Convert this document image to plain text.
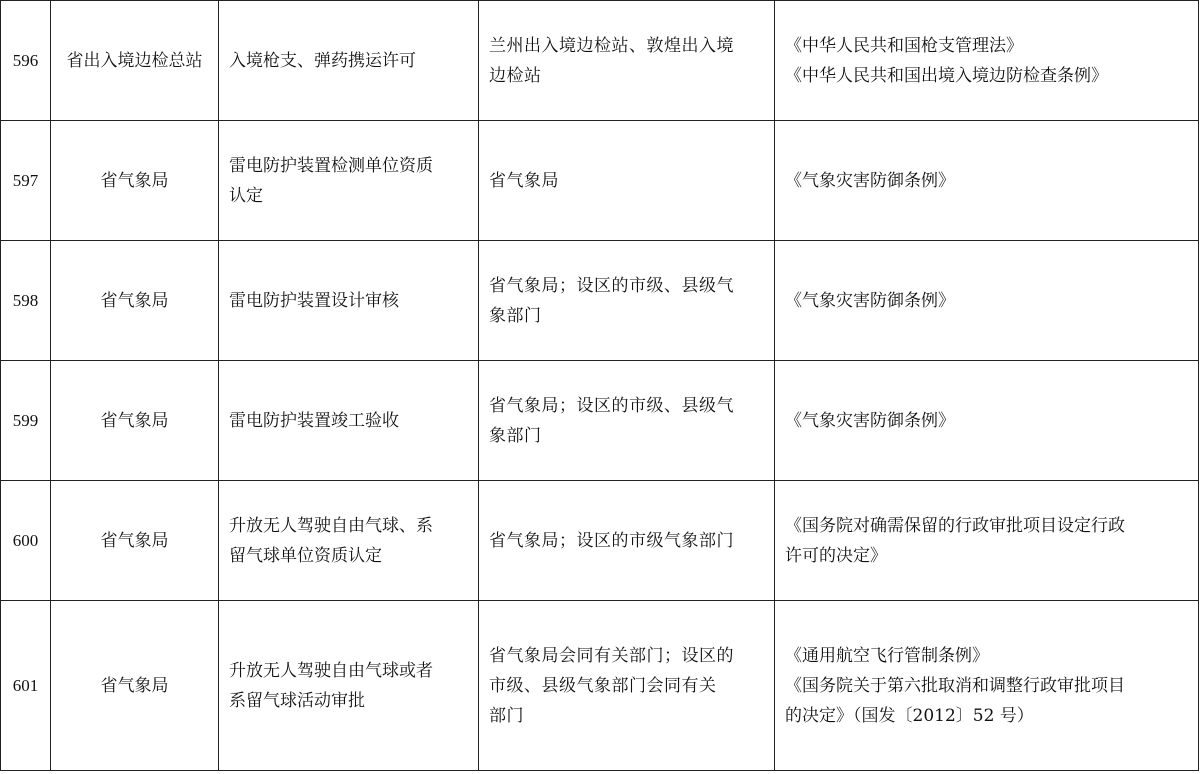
596	省出入境边检总站	入境枪支、弹药携运许可	兰州出入境边检站、敦煌出入境
边检站	《中华人民共和国枪支管理法》
《中华人民共和国出境入境边防检查条例》

597	省气象局	雷电防护装置检测单位资质
认定	省气象局	《气象灾害防御条例》

598	省气象局	雷电防护装置设计审核	省气象局；设区的市级、县级气
象部门	《气象灾害防御条例》

599	省气象局	雷电防护装置竣工验收	省气象局；设区的市级、县级气
象部门	《气象灾害防御条例》

600	省气象局	升放无人驾驶自由气球、系
留气球单位资质认定	省气象局；设区的市级气象部门	《国务院对确需保留的行政审批项目设定行政
许可的决定》

601	省气象局	升放无人驾驶自由气球或者
系留气球活动审批	省气象局会同有关部门；设区的
市级、县级气象部门会同有关
部门	《通用航空飞行管制条例》
《国务院关于第六批取消和调整行政审批项目
的决定》（国发〔2012〕52 号）
